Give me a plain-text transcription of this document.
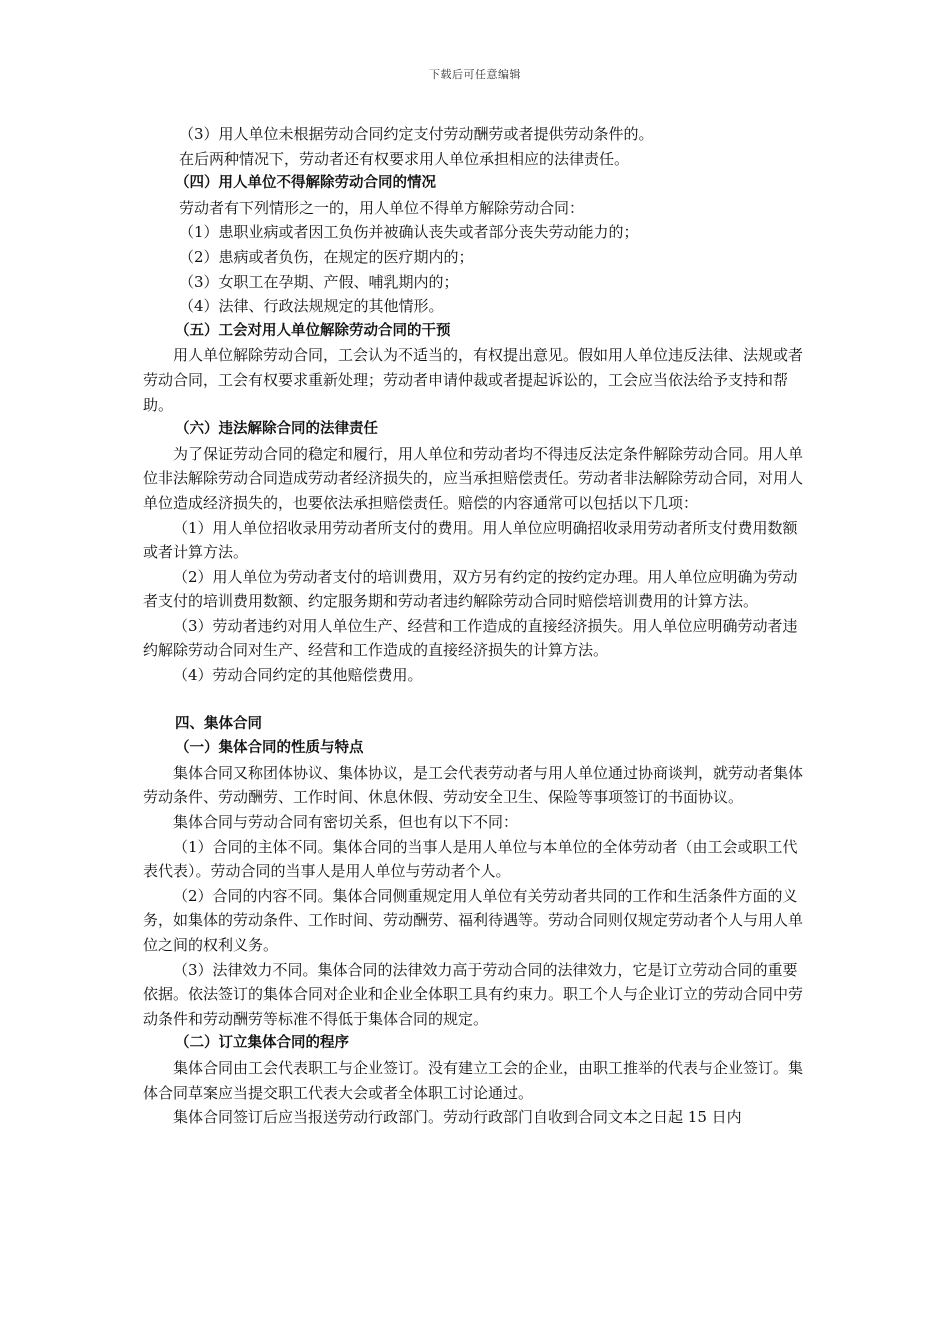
下载后可任意编辑
（3）用人单位未根据劳动合同约定支付劳动酬劳或者提供劳动条件的。
在后两种情况下，劳动者还有权要求用人单位承担相应的法律责任。
（四）用人单位不得解除劳动合同的情况
劳动者有下列情形之一的，用人单位不得单方解除劳动合同：
（1）患职业病或者因工负伤并被确认丧失或者部分丧失劳动能力的；
（2）患病或者负伤，在规定的医疗期内的；
（3）女职工在孕期、产假、哺乳期内的；
（4）法律、行政法规规定的其他情形。
（五）工会对用人单位解除劳动合同的干预
用人单位解除劳动合同，工会认为不适当的，有权提出意见。假如用人单位违反法律、法规或者劳动合同，工会有权要求重新处理；劳动者申请仲裁或者提起诉讼的，工会应当依法给予支持和帮助。
（六）违法解除合同的法律责任
为了保证劳动合同的稳定和履行，用人单位和劳动者均不得违反法定条件解除劳动合同。用人单位非法解除劳动合同造成劳动者经济损失的，应当承担赔偿责任。劳动者非法解除劳动合同，对用人单位造成经济损失的，也要依法承担赔偿责任。赔偿的内容通常可以包括以下几项：
（1）用人单位招收录用劳动者所支付的费用。用人单位应明确招收录用劳动者所支付费用数额或者计算方法。
（2）用人单位为劳动者支付的培训费用，双方另有约定的按约定办理。用人单位应明确为劳动者支付的培训费用数额、约定服务期和劳动者违约解除劳动合同时赔偿培训费用的计算方法。
（3）劳动者违约对用人单位生产、经营和工作造成的直接经济损失。用人单位应明确劳动者违约解除劳动合同对生产、经营和工作造成的直接经济损失的计算方法。
（4）劳动合同约定的其他赔偿费用。
四、集体合同
（一）集体合同的性质与特点
集体合同又称团体协议、集体协议，是工会代表劳动者与用人单位通过协商谈判，就劳动者集体劳动条件、劳动酬劳、工作时间、休息休假、劳动安全卫生、保险等事项签订的书面协议。
集体合同与劳动合同有密切关系，但也有以下不同：
（1）合同的主体不同。集体合同的当事人是用人单位与本单位的全体劳动者（由工会或职工代表代表）。劳动合同的当事人是用人单位与劳动者个人。
（2）合同的内容不同。集体合同侧重规定用人单位有关劳动者共同的工作和生活条件方面的义务，如集体的劳动条件、工作时间、劳动酬劳、福利待遇等。劳动合同则仅规定劳动者个人与用人单位之间的权利义务。
（3）法律效力不同。集体合同的法律效力高于劳动合同的法律效力，它是订立劳动合同的重要依据。依法签订的集体合同对企业和企业全体职工具有约束力。职工个人与企业订立的劳动合同中劳动条件和劳动酬劳等标准不得低于集体合同的规定。
（二）订立集体合同的程序
集体合同由工会代表职工与企业签订。没有建立工会的企业，由职工推举的代表与企业签订。集体合同草案应当提交职工代表大会或者全体职工讨论通过。
集体合同签订后应当报送劳动行政部门。劳动行政部门自收到合同文本之日起 15 日内
